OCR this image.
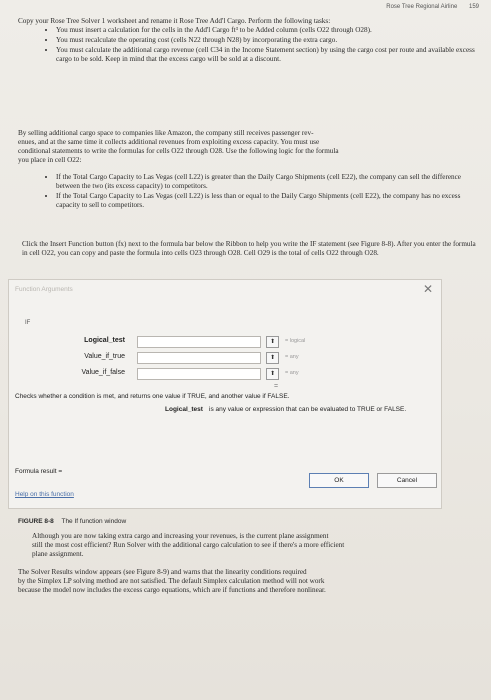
Rose Tree Regional Airline 159
Copy your Rose Tree Solver 1 worksheet and rename it Rose Tree Add'l Cargo. Perform the following tasks:
• You must insert a calculation for the cells in the Add'l Cargo ft³ to be Added column (cells O22 through O28).
• You must recalculate the operating cost (cells N22 through N28) by incorporating the extra cargo.
• You must calculate the additional cargo revenue (cell C34 in the Income Statement section) by using the cargo cost per route and available excess cargo to be sold. Keep in mind that the excess cargo will be sold at a discount.
By selling additional cargo space to companies like Amazon, the company still receives passenger rev-
enues, and at the same time it collects additional revenues from exploiting excess capacity. You must use
conditional statements to write the formulas for cells O22 through O28. Use the following logic for the formula
you place in cell O22:
• If the Total Cargo Capacity to Las Vegas (cell L22) is greater than the Daily Cargo Shipments (cell E22), the company can sell the difference between the two (its excess capacity) to competitors.
• If the Total Cargo Capacity to Las Vegas (cell L22) is less than or equal to the Daily Cargo Shipments (cell E22), the company has no excess capacity to sell to competitors.
Click the Insert Function button (fx) next to the formula bar below the Ribbon to help you write the IF statement (see Figure 8-8). After you enter the formula in cell O22, you can copy and paste the formula into cells O23 through O28. Cell O29 is the total of cells O22 through O28.
Function Arguments	✕
IF
Logical_test	⬆	= logical
Value_if_true	⬆	= any
Value_if_false	⬆	= any
=
Checks whether a condition is met, and returns one value if TRUE, and another value if FALSE.
Logical_test is any value or expression that can be evaluated to TRUE or FALSE.
Formula result =
Help on this function
OK	Cancel
FIGURE 8-8 The If function window
Although you are now taking extra cargo and increasing your revenues, is the current plane assignment
still the most cost efficient? Run Solver with the additional cargo calculation to see if there's a more efficient
plane assignment.
The Solver Results window appears (see Figure 8-9) and warns that the linearity conditions required
by the Simplex LP solving method are not satisfied. The default Simplex calculation method will not work
because the model now includes the excess cargo equations, which are if functions and therefore nonlinear.
